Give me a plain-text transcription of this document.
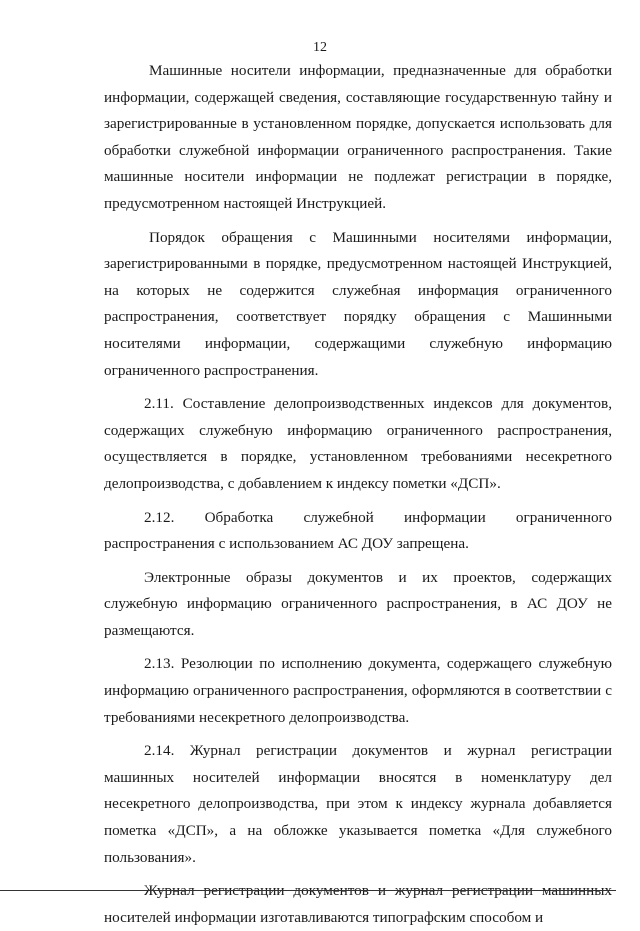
12

Машинные носители информации, предназначенные для обработки информации, содержащей сведения, составляющие государственную тайну и зарегистрированные в установленном порядке, допускается использовать для обработки служебной информации ограниченного распространения. Такие машинные носители информации не подлежат регистрации в порядке, предусмотренном настоящей Инструкцией.

Порядок обращения с Машинными носителями информации, зарегистрированными в порядке, предусмотренном настоящей Инструкцией, на которых не содержится служебная информация ограниченного распространения, соответствует порядку обращения с Машинными носителями информации, содержащими служебную информацию ограниченного распространения.

2.11. Составление делопроизводственных индексов для документов, содержащих служебную информацию ограниченного распространения, осуществляется в порядке, установленном требованиями несекретного делопроизводства, с добавлением к индексу пометки «ДСП».

2.12. Обработка служебной информации ограниченного распространения с использованием АС ДОУ запрещена.

Электронные образы документов и их проектов, содержащих служебную информацию ограниченного распространения, в АС ДОУ не размещаются.

2.13. Резолюции по исполнению документа, содержащего служебную информацию ограниченного распространения, оформляются в соответствии с требованиями несекретного делопроизводства.

2.14. Журнал регистрации документов и журнал регистрации машинных носителей информации вносятся в номенклатуру дел несекретного делопроизводства, при этом к индексу журнала добавляется пометка «ДСП», а на обложке указывается пометка «Для служебного пользования».

Журнал регистрации документов и журнал регистрации машинных носителей информации изготавливаются типографским способом и
